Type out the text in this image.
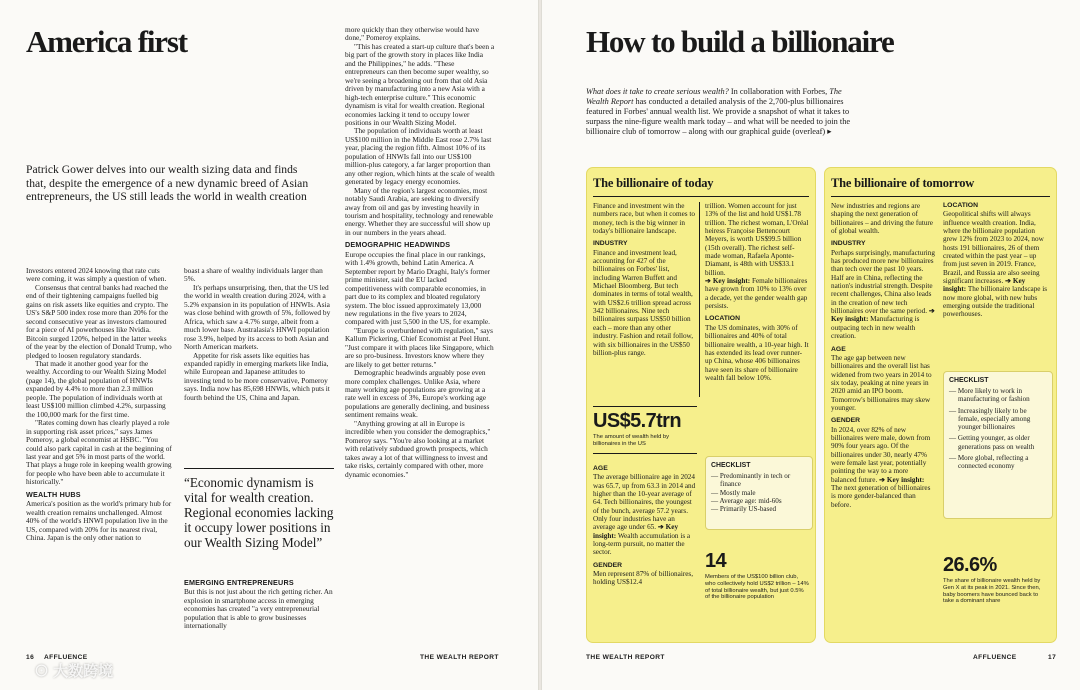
America first
Patrick Gower delves into our wealth sizing data and finds that, despite the emergence of a new dynamic breed of Asian entrepreneurs, the US still leads the world in wealth creation

Investors entered 2024 knowing that rate cuts were coming, it was simply a question of when.

Consensus that central banks had reached the end of their tightening campaigns fuelled big gains on risk assets like equities and crypto. The US's S&P 500 index rose more than 20% for the second consecutive year as investors clamoured for a piece of AI powerhouses like Nvidia. Bitcoin surged 120%, helped in the latter weeks of the year by the election of Donald Trump, who pledged to loosen regulatory standards.

That made it another good year for the wealthy. According to our Wealth Sizing Model (page 14), the global population of HNWIs expanded by 4.4% to more than 2.3 million people. The population of individuals worth at least US$100 million climbed 4.2%, surpassing the 100,000 mark for the first time.

"Rates coming down has clearly played a role in supporting risk asset prices," says James Pomeroy, a global economist at HSBC. "You could also park capital in cash at the beginning of last year and get 5% in most parts of the world. That plays a huge role in keeping wealth growing for people who have been able to accumulate it historically."

WEALTH HUBS

America's position as the world's primary hub for wealth creation remains unchallenged. Almost 40% of the world's HNWI population live in the US, compared with 20% for its nearest rival, China. Japan is the only other nation to

boast a share of wealthy individuals larger than 5%.

It's perhaps unsurprising, then, that the US led the world in wealth creation during 2024, with a 5.2% expansion in its population of HNWIs. Asia was close behind with growth of 5%, followed by Africa, which saw a 4.7% surge, albeit from a much lower base. Australasia's HNWI population rose 3.9%, helped by its access to both Asian and North American markets.

Appetite for risk assets like equities has expanded rapidly in emerging markets like India, while European and Japanese attitudes to investing tend to be more conservative, Pomeroy says. India now has 85,698 HNWIs, which puts it fourth behind the US, China and Japan.

“Economic dynamism is vital for wealth creation. Regional economies lacking it occupy lower positions in our Wealth Sizing Model”
EMERGING ENTREPRENEURS

But this is not just about the rich getting richer. An explosion in smartphone access in emerging economies has created "a very entrepreneurial population that is able to grow businesses internationally

more quickly than they otherwise would have done," Pomeroy explains.

"This has created a start-up culture that's been a big part of the growth story in places like India and the Philippines," he adds. "These entrepreneurs can then become super wealthy, so we're seeing a broadening out from that old Asia driven by manufacturing into a new Asia with a high-tech enterprise culture." This economic dynamism is vital for wealth creation. Regional economies lacking it tend to occupy lower positions in our Wealth Sizing Model.

The population of individuals worth at least US$100 million in the Middle East rose 2.7% last year, placing the region fifth. Almost 10% of its population of HNWIs fall into our US$100 million-plus category, a far larger proportion than any other region, which hints at the scale of wealth generated by legacy energy economies.

Many of the region's largest economies, most notably Saudi Arabia, are seeking to diversify away from oil and gas by investing heavily in tourism and hospitality, technology and renewable energy. Whether they are successful will show up in our numbers in the years ahead.

DEMOGRAPHIC HEADWINDS

Europe occupies the final place in our rankings, with 1.4% growth, behind Latin America. A September report by Mario Draghi, Italy's former prime minister, said the EU lacked competitiveness with comparable economies, in part due to its complex and bloated regulatory system. The bloc issued approximately 13,000 new regulations in the five years to 2024, compared with just 5,500 in the US, for example.

"Europe is overburdened with regulation," says Kallum Pickering, Chief Economist at Peel Hunt. "Just compare it with places like Singapore, which are so pro-business. Investors know where they are likely to get better returns."

Demographic headwinds arguably pose even more complex challenges. Unlike Asia, where many working age populations are growing at a rate well in excess of 3%, Europe's working age populations are generally declining, and business sentiment remains weak.

"Anything growing at all in Europe is incredible when you consider the demographics," Pomeroy says. "You're also looking at a market with relatively subdued growth prospects, which takes away a lot of that willingness to invest and take risks, certainly compared with other, more dynamic economies."

16 AFFLUENCE	THE WEALTH REPORT
⊙ 大数跨境
How to build a billionaire
What does it take to create serious wealth? In collaboration with Forbes, The Wealth Report has conducted a detailed analysis of the 2,700-plus billionaires featured in Forbes' annual wealth list. We provide a snapshot of what it takes to surpass the nine-figure wealth mark today – and what will be needed to join the billionaire club of tomorrow – along with our graphical guide (overleaf) ▸
The billionaire of today
Finance and investment win the numbers race, but when it comes to money, tech is the big winner in today's billionaire landscape.
INDUSTRY
Finance and investment lead, accounting for 427 of the billionaires on Forbes' list, including Warren Buffett and Michael Bloomberg. But tech dominates in terms of total wealth, with US$2.6 trillion spread across 342 billionaires. Nine tech billionaires surpass US$50 billion each – more than any other industry. Fashion and retail follow, with six billionaires in the US$50 billion-plus range.
US$5.7trn
The amount of wealth held by billionaires in the US
AGE
The average billionaire age in 2024 was 65.7, up from 63.3 in 2014 and higher than the 10-year average of 64. Tech billionaires, the youngest of the bunch, average 57.2 years. Only four industries have an average age under 65. ➔ Key insight: Wealth accumulation is a long-term pursuit, no matter the sector.
GENDER
Men represent 87% of billionaires, holding US$12.4
trillion. Women account for just 13% of the list and hold US$1.78 trillion. The richest woman, L'Oréal heiress Françoise Bettencourt Meyers, is worth US$99.5 billion (15th overall). The richest self-made woman, Rafaela Aponte-Diamant, is 48th with US$33.1 billion.
➔ Key insight: Female billionaires have grown from 10% to 13% over a decade, yet the gender wealth gap persists.
LOCATION
The US dominates, with 30% of billionaires and 40% of total billionaire wealth, a 10-year high. It has extended its lead over runner-up China, whose 406 billionaires have seen its share of billionaire wealth fall below 10%.
CHECKLIST
— Predominantly in tech or finance
— Mostly male
— Average age: mid-60s
— Primarily US-based
14
Members of the US$100 billion club, who collectively hold US$2 trillion – 14% of total billionaire wealth, but just 0.5% of the billionaire population
The billionaire of tomorrow
New industries and regions are shaping the next generation of billionaires – and driving the future of global wealth.
INDUSTRY
Perhaps surprisingly, manufacturing has produced more new billionaires than tech over the past 10 years. Half are in China, reflecting the nation's industrial strength. Despite recent challenges, China also leads in the creation of new tech billionaires over the same period. ➔ Key insight: Manufacturing is outpacing tech in new wealth creation.
AGE
The age gap between new billionaires and the overall list has widened from two years in 2014 to six today, peaking at nine years in 2020 amid an IPO boom. Tomorrow's billionaires may skew younger.
GENDER
In 2024, over 82% of new billionaires were male, down from 90% four years ago. Of the billionaires under 30, nearly 47% were female last year, potentially pointing the way to a more balanced future. ➔ Key insight: The next generation of billionaires is more gender-balanced than before.
LOCATION
Geopolitical shifts will always influence wealth creation. India, where the billionaire population grew 12% from 2023 to 2024, now hosts 191 billionaires, 26 of them created within the past year – up from just seven in 2019. France, Brazil, and Russia are also seeing significant increases. ➔ Key insight: The billionaire landscape is now more global, with new hubs emerging outside the traditional powerhouses.
CHECKLIST
— More likely to work in manufacturing or fashion
— Increasingly likely to be female, especially among younger billionaires
— Getting younger, as older generations pass on wealth
— More global, reflecting a connected economy
26.6%
The share of billionaire wealth held by Gen X at its peak in 2021. Since then, baby boomers have bounced back to take a dominant share
THE WEALTH REPORT	AFFLUENCE	17
